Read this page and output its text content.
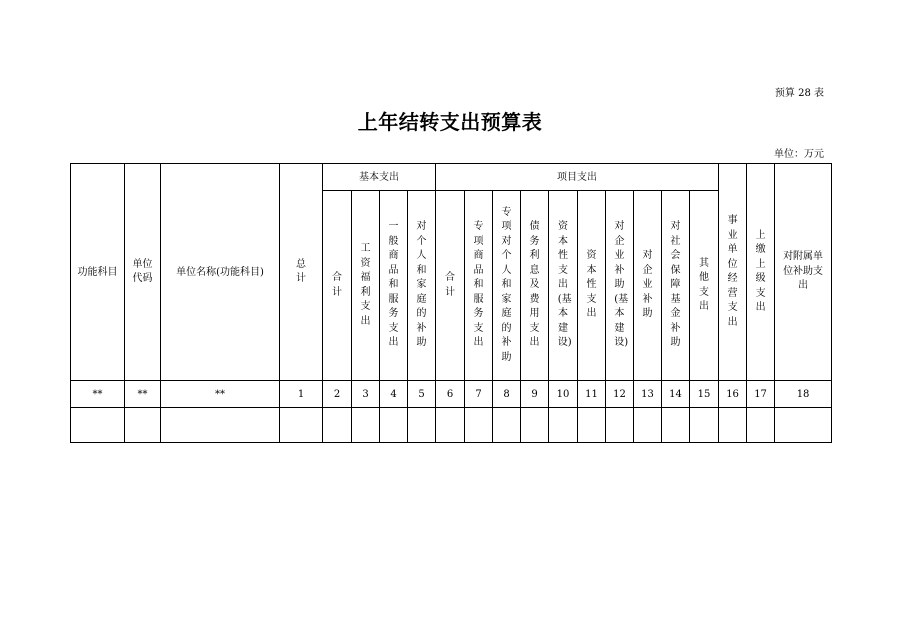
预算 28 表
上年结转支出预算表
单位：万元
功能科目	单位代码	单位名称(功能科目)	总计	基本支出				项目支出										事业单位经营支出	上缴上级支出	对附属单位补助支出
				合计	工资福利支出	一般商品和服务支出	对个人和家庭的补助	合计	专项商品和服务支出	专项对个人和家庭的补助	债务利息及费用支出	资本性支出(基本建设)	资本性支出	对企业补助(基本建设)	对企业补助	对社会保障基金补助	其他支出			
**	**	**	1	2	3	4	5	6	7	8	9	10	11	12	13	14	15	16	17	18
